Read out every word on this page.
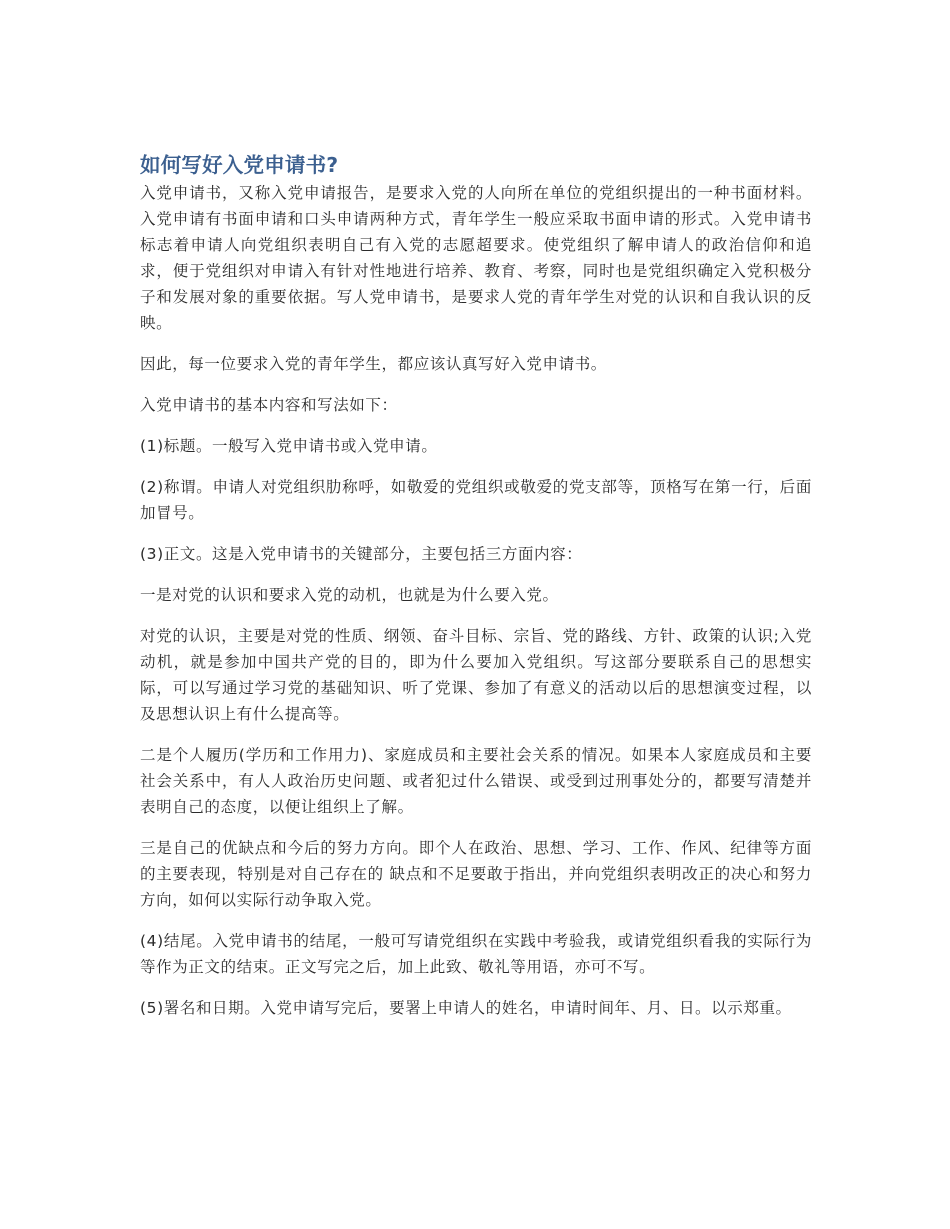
如何写好入党申请书?

入党申请书，又称入党申请报告，是要求入党的人向所在单位的党组织提出的一种书面材料。入党申请有书面申请和口头申请两种方式，青年学生一般应采取书面申请的形式。入党申请书标志着申请人向党组织表明自己有入党的志愿超要求。使党组织了解申请人的政治信仰和追求，便于党组织对申请入有针对性地进行培养、教育、考察，同时也是党组织确定入党积极分子和发展对象的重要依据。写人党申请书，是要求人党的青年学生对党的认识和自我认识的反映。

因此，每一位要求入党的青年学生，都应该认真写好入党申请书。

入党申请书的基本内容和写法如下：

(1)标题。一般写入党申请书或入党申请。

(2)称谓。申请人对党组织肋称呼，如敬爱的党组织或敬爱的党支部等，顶格写在第一行，后面加冒号。

(3)正文。这是入党申请书的关键部分，主要包括三方面内容：

一是对党的认识和要求入党的动机，也就是为什么要入党。

对党的认识，主要是对党的性质、纲领、奋斗目标、宗旨、党的路线、方针、政策的认识;入党动机，就是参加中国共产党的目的，即为什么要加入党组织。写这部分要联系自己的思想实际，可以写通过学习党的基础知识、听了党课、参加了有意义的活动以后的思想演变过程，以及思想认识上有什么提高等。

二是个人履历(学历和工作用力)、家庭成员和主要社会关系的情况。如果本人家庭成员和主要社会关系中，有人人政治历史问题、或者犯过什么错误、或受到过刑事处分的，都要写清楚并表明自己的态度，以便让组织上了解。

三是自己的优缺点和今后的努力方向。即个人在政治、思想、学习、工作、作风、纪律等方面的主要表现，特别是对自己存在的 缺点和不足要敢于指出，并向党组织表明改正的决心和努力方向，如何以实际行动争取入党。

(4)结尾。入党申请书的结尾，一般可写请党组织在实践中考验我，或请党组织看我的实际行为等作为正文的结束。正文写完之后，加上此致、敬礼等用语，亦可不写。

(5)署名和日期。入党申请写完后，要署上申请人的姓名，申请时间年、月、日。以示郑重。
